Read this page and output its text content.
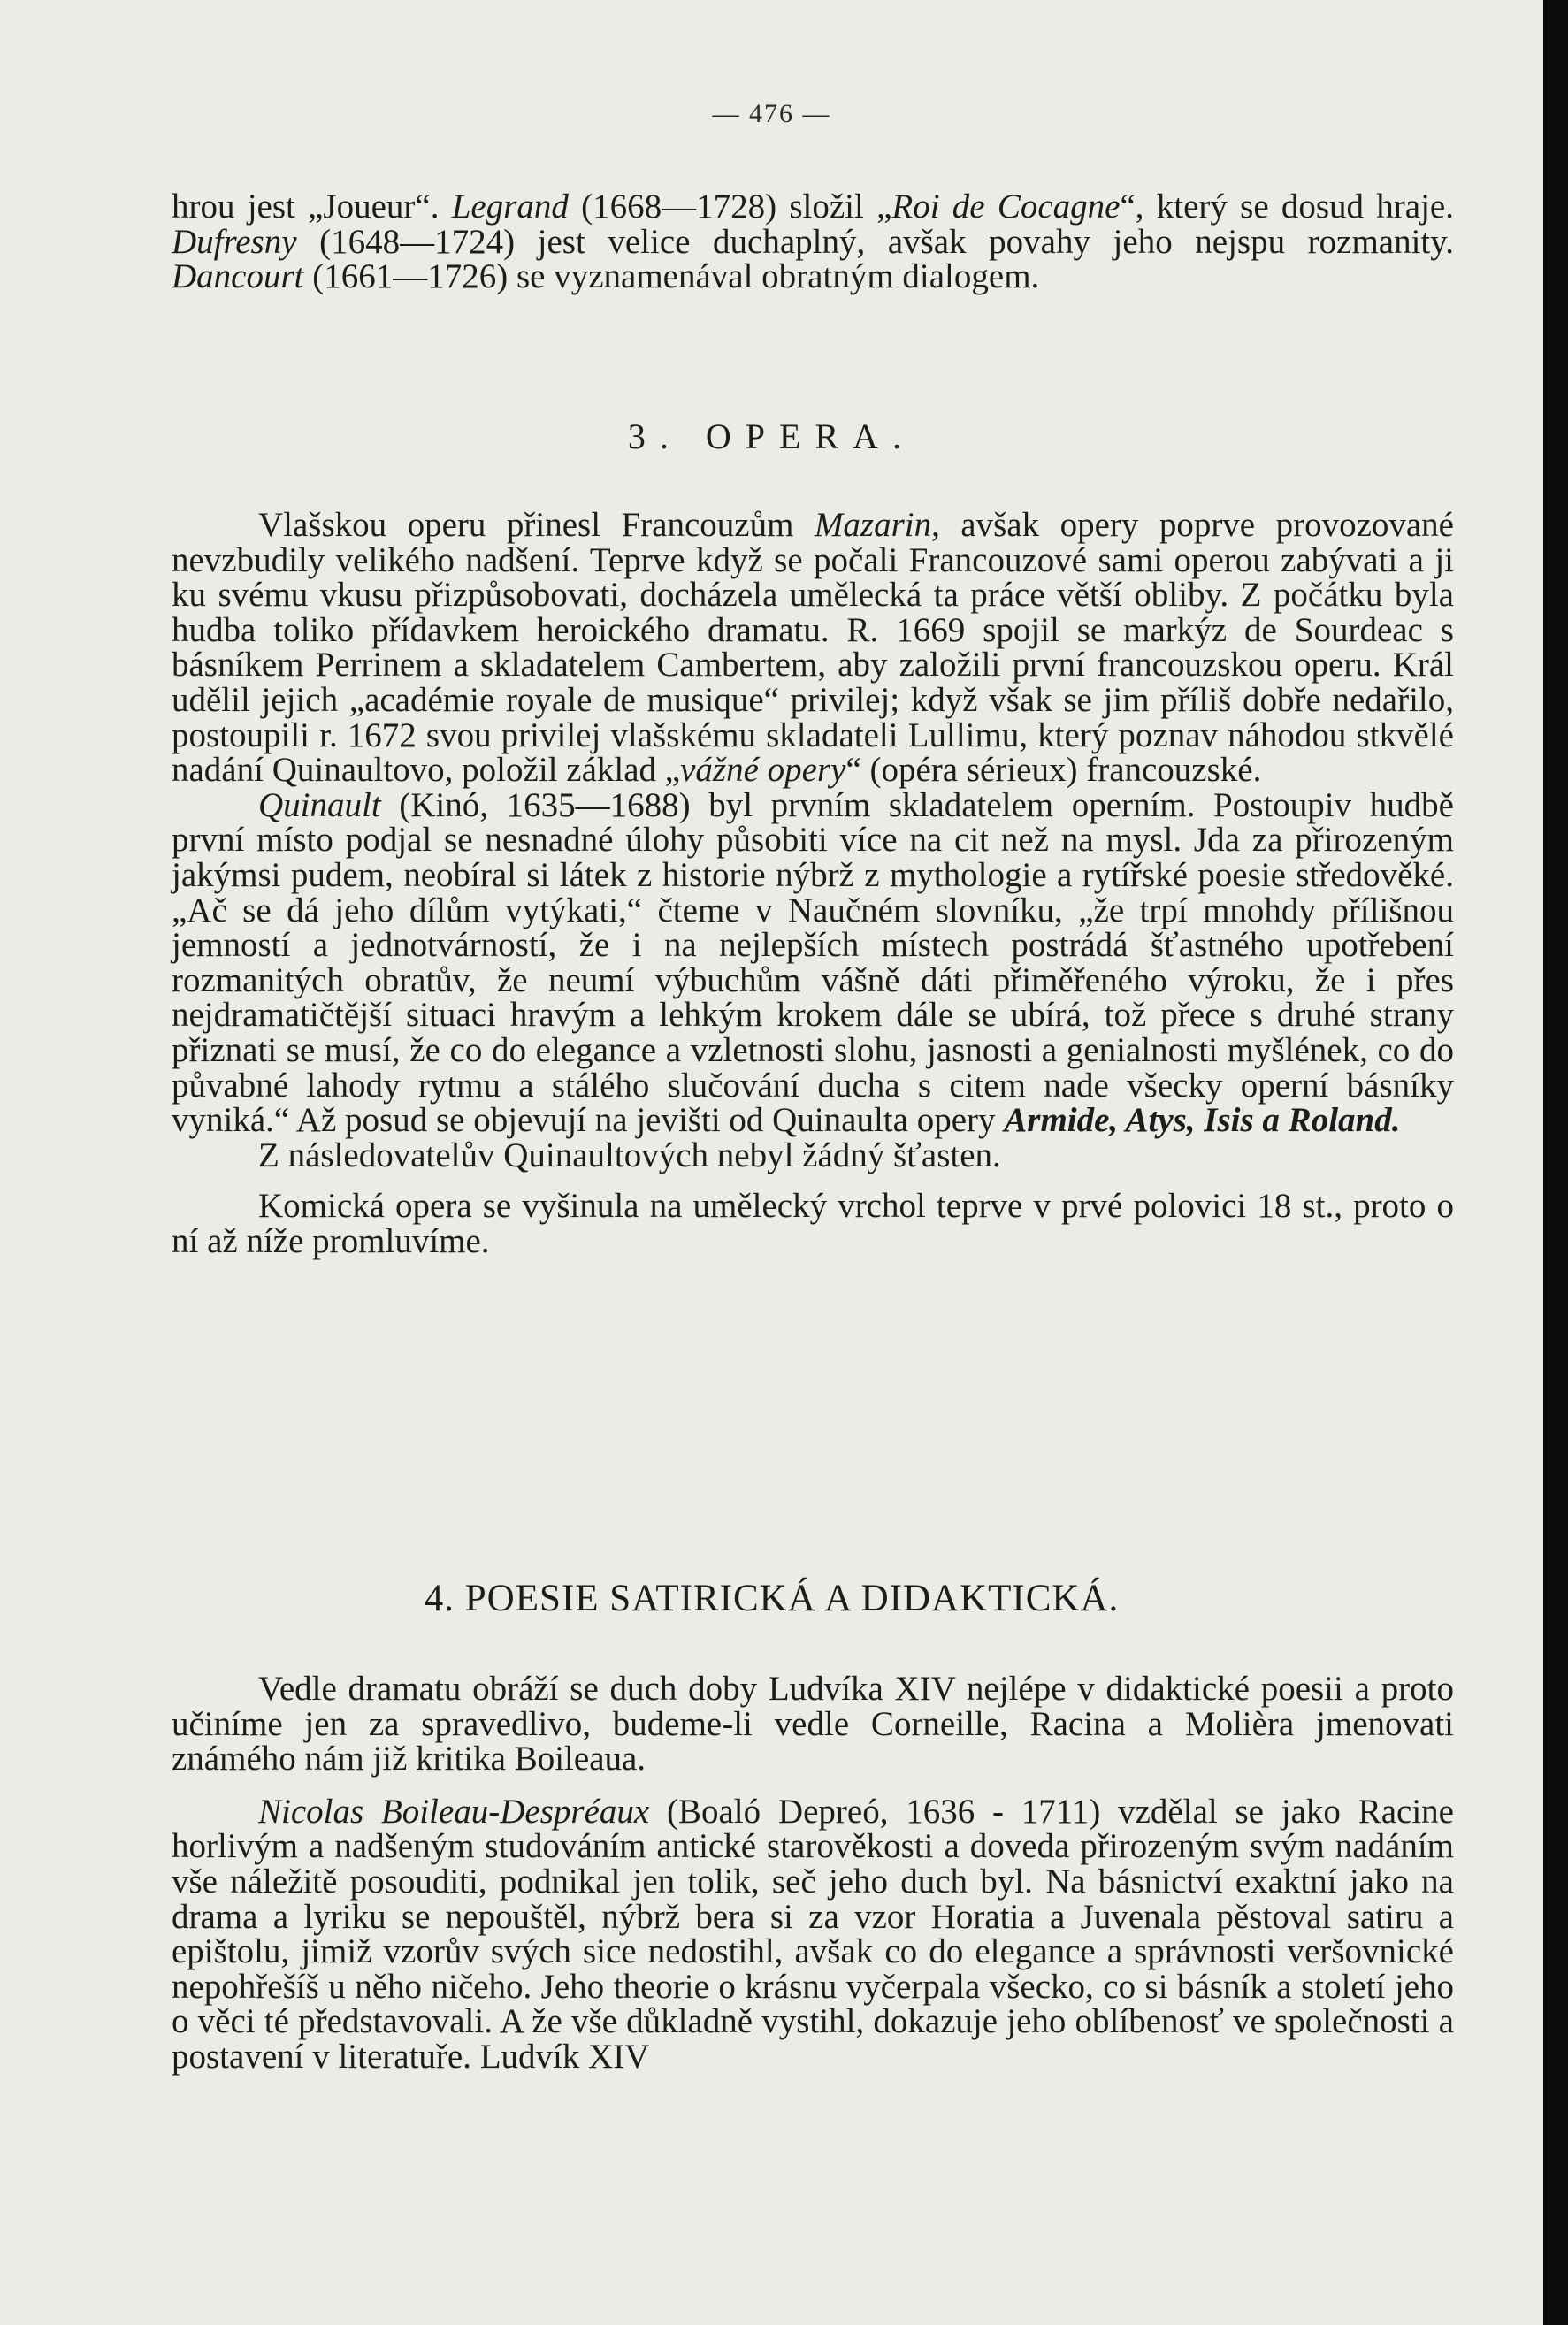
— 476 —

hrou jest „Joueur“. Legrand (1668—1728) složil „Roi de Cocagne“, který se dosud hraje. Dufresny (1648—1724) jest velice duchaplný, avšak povahy jeho nejspu rozmanity. Dancourt (1661—1726) se vyznamenával obratným dialogem.

3. OPERA.

Vlašskou operu přinesl Francouzům Mazarin, avšak opery poprve provozované nevzbudily velikého nadšení. Teprve když se počali Francouzové sami operou zabývati a ji ku svému vkusu přizpůsobovati, docházela umělecká ta práce větší obliby. Z počátku byla hudba toliko přídavkem heroického dramatu. R. 1669 spojil se markýz de Sourdeac s básníkem Perrinem a skladatelem Cambertem, aby založili první francouzskou operu. Král udělil jejich „académie royale de musique“ privilej; když však se jim příliš dobře nedařilo, postoupili r. 1672 svou privilej vlašskému skladateli Lullimu, který poznav náhodou stkvělé nadání Quinaultovo, položil základ „vážné opery“ (opéra sérieux) francouzské.

Quinault (Kinó, 1635—1688) byl prvním skladatelem operním. Postoupiv hudbě první místo podjal se nesnadné úlohy působiti více na cit než na mysl. Jda za přirozeným jakýmsi pudem, neobíral si látek z historie nýbrž z mythologie a rytířské poesie středověké. „Ač se dá jeho dílům vytýkati,“ čteme v Naučném slovníku, „že trpí mnohdy přílišnou jemností a jednotvárností, že i na nejlepších místech postrádá šťastného upotřebení rozmanitých obratův, že neumí výbuchům vášně dáti přiměřeného výroku, že i přes nejdramatičtější situaci hravým a lehkým krokem dále se ubírá, tož přece s druhé strany přiznati se musí, že co do elegance a vzletnosti slohu, jasnosti a genialnosti myšlének, co do půvabné lahody rytmu a stálého slučování ducha s citem nade všecky operní básníky vyniká.“ Až posud se objevují na jevišti od Quinaulta opery Armide, Atys, Isis a Roland.

Z následovatelův Quinaultových nebyl žádný šťasten.

Komická opera se vyšinula na umělecký vrchol teprve v prvé polovici 18 st., proto o ní až níže promluvíme.

4. POESIE SATIRICKÁ A DIDAKTICKÁ.

Vedle dramatu obráží se duch doby Ludvíka XIV nejlépe v didaktické poesii a proto učiníme jen za spravedlivo, budeme-li vedle Corneille, Racina a Molièra jmenovati známého nám již kritika Boileaua.

Nicolas Boileau-Despréaux (Boaló Depreó, 1636 - 1711) vzdělal se jako Racine horlivým a nadšeným studováním antické starověkosti a doveda přirozeným svým nadáním vše náležitě posouditi, podnikal jen tolik, seč jeho duch byl. Na básnictví exaktní jako na drama a lyriku se nepouštěl, nýbrž bera si za vzor Horatia a Juvenala pěstoval satiru a epištolu, jimiž vzorův svých sice nedostihl, avšak co do elegance a správnosti veršovnické nepohřešíš u něho ničeho. Jeho theorie o krásnu vyčerpala všecko, co si básník a století jeho o věci té představovali. A že vše důkladně vystihl, dokazuje jeho oblíbenosť ve společnosti a postavení v literatuře. Ludvík XIV
